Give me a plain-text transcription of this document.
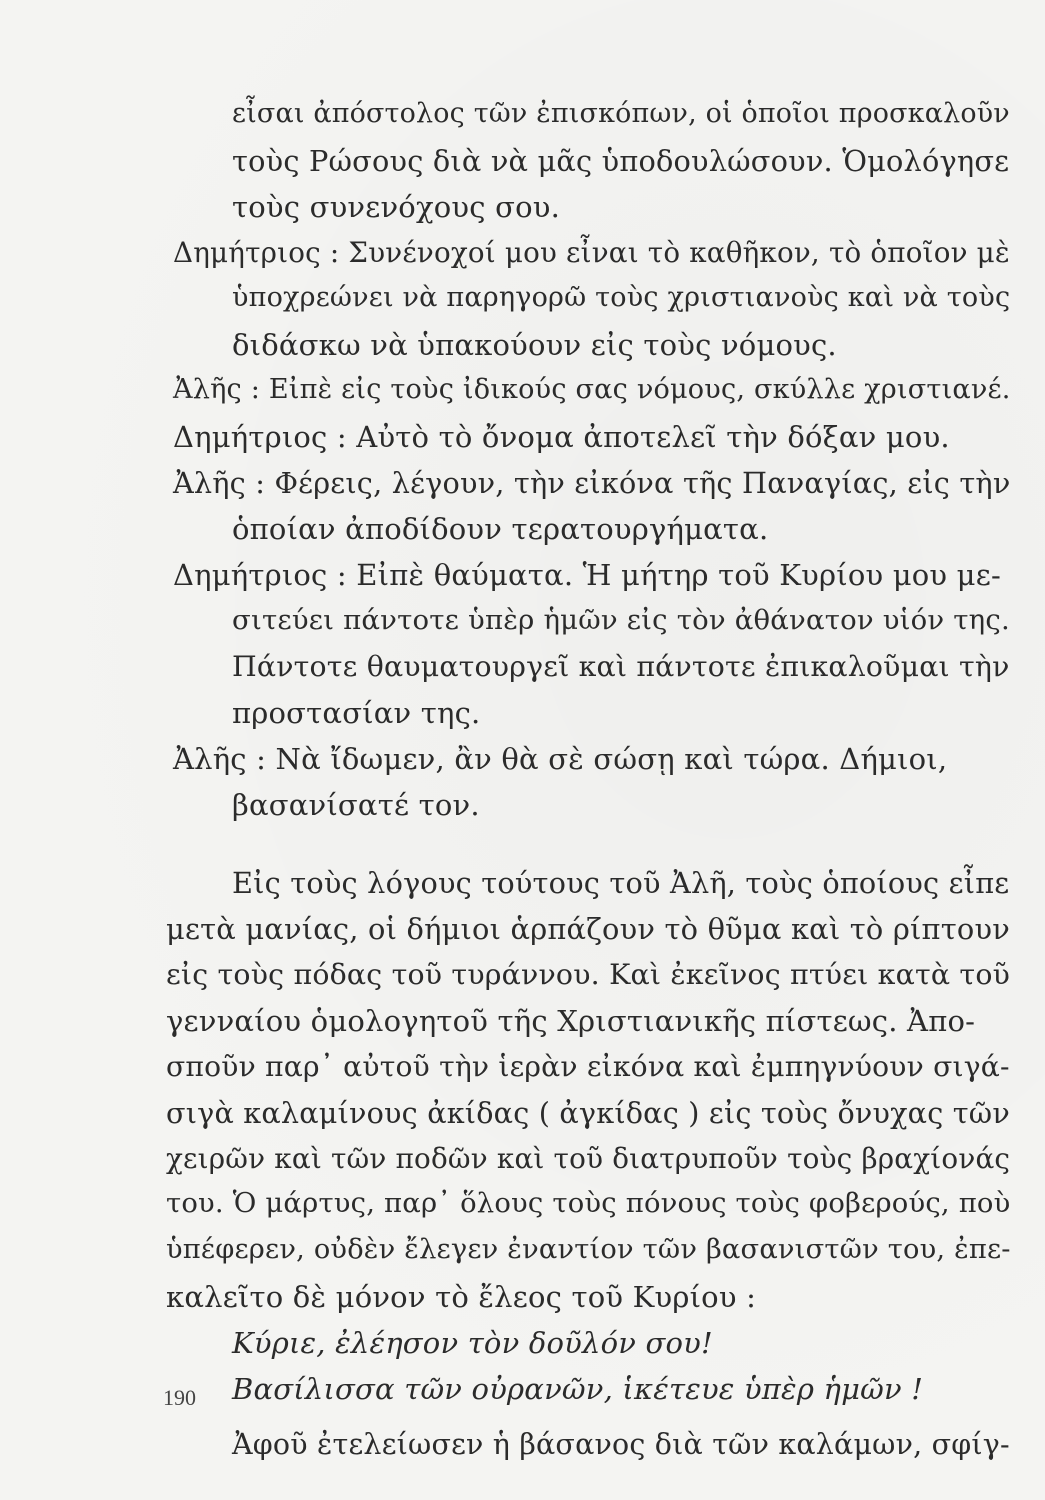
εἶσαι ἀπόστολος τῶν ἐπισκόπων, οἱ ὁποῖοι προσκαλοῦν
τοὺς Ρώσους διὰ νὰ μᾶς ὑποδουλώσουν. Ὁμολόγησε
τοὺς συνενόχους σου.
Δημήτριος : Συνένοχοί μου εἶναι τὸ καθῆκον, τὸ ὁποῖον μὲ
ὑποχρεώνει νὰ παρηγορῶ τοὺς χριστιανοὺς καὶ νὰ τοὺς
διδάσκω νὰ ὑπακούουν εἰς τοὺς νόμους.
Ἀλῆς : Εἰπὲ εἰς τοὺς ἰδικούς σας νόμους, σκύλλε χριστιανέ.
Δημήτριος : Αὐτὸ τὸ ὄνομα ἀποτελεῖ τὴν δόξαν μου.
Ἀλῆς : Φέρεις, λέγουν, τὴν εἰκόνα τῆς Παναγίας, εἰς τὴν
ὁποίαν ἀποδίδουν τερατουργήματα.
Δημήτριος : Εἰπὲ θαύματα. Ἡ μήτηρ τοῦ Κυρίου μου με-
σιτεύει πάντοτε ὑπὲρ ἡμῶν εἰς τὸν ἀθάνατον υἱόν της.
Πάντοτε θαυματουργεῖ καὶ πάντοτε ἐπικαλοῦμαι τὴν
προστασίαν της.
Ἀλῆς : Νὰ ἴδωμεν, ἂν θὰ σὲ σώσῃ καὶ τώρα. Δήμιοι,
βασανίσατέ τον.
Εἰς τοὺς λόγους τούτους τοῦ Ἀλῆ, τοὺς ὁποίους εἶπε
μετὰ μανίας, οἱ δήμιοι ἁρπάζουν τὸ θῦμα καὶ τὸ ρίπτουν
εἰς τοὺς πόδας τοῦ τυράννου. Καὶ ἐκεῖνος πτύει κατὰ τοῦ
γενναίου ὁμολογητοῦ τῆς Χριστιανικῆς πίστεως. Ἀπο-
σποῦν παρ᾽ αὐτοῦ τὴν ἱερὰν εἰκόνα καὶ ἐμπηγνύουν σιγά-
σιγὰ καλαμίνους ἀκίδας ( ἀγκίδας ) εἰς τοὺς ὄνυχας τῶν
χειρῶν καὶ τῶν ποδῶν καὶ τοῦ διατρυποῦν τοὺς βραχίονάς
του. Ὁ μάρτυς, παρ᾽ ὅλους τοὺς πόνους τοὺς φοβερούς, ποὺ
ὑπέφερεν, οὐδὲν ἔλεγεν ἐναντίον τῶν βασανιστῶν του, ἐπε-
καλεῖτο δὲ μόνον τὸ ἔλεος τοῦ Κυρίου :
Κύριε, ἐλέησον τὸν δοῦλόν σου!
Βασίλισσα τῶν οὐρανῶν, ἱκέτευε ὑπὲρ ἡμῶν !
Ἀφοῦ ἐτελείωσεν ἡ βάσανος διὰ τῶν καλάμων, σφίγ-
190
